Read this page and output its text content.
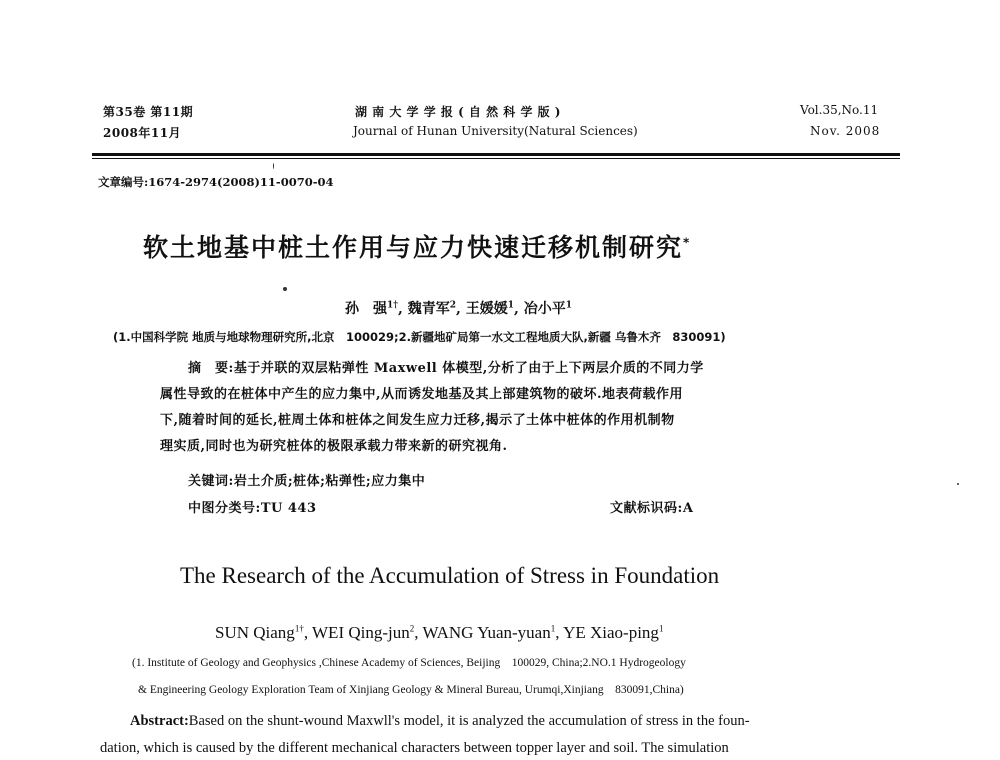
第35卷 第11期
2008年11月
湖 南 大 学 学 报 ( 自 然 科 学 版 )
Journal of Hunan University(Natural Sciences)
Vol.35,No.11
Nov. 2008
文章编号:1674-2974(2008)11-0070-04
软土地基中桩土作用与应力快速迁移机制研究*
孙　强$^{1\dagger}$, 魏青军$^2$, 王媛媛$^1$, 冶小平$^1$
(1.中国科学院 地质与地球物理研究所,北京　100029;2.新疆地矿局第一水文工程地质大队,新疆 乌鲁木齐　830091)
摘　要:基于并联的双层粘弹性 Maxwell 体模型,分析了由于上下两层介质的不同力学
属性导致的在桩体中产生的应力集中,从而诱发地基及其上部建筑物的破坏.地表荷载作用
下,随着时间的延长,桩周土体和桩体之间发生应力迁移,揭示了土体中桩体的作用机制物
理实质,同时也为研究桩体的极限承载力带来新的研究视角.
关键词:岩土介质;桩体;粘弹性;应力集中
中图分类号:TU 443	文献标识码:A
The Research of the Accumulation of Stress in Foundation
SUN Qiang$^{1\dagger}$, WEI Qing-jun$^2$, WANG Yuan-yuan$^1$, YE Xiao-ping$^1$
(1. Institute of Geology and Geophysics ,Chinese Academy of Sciences, Beijing　100029, China;2.NO.1 Hydrogeology
& Engineering Geology Exploration Team of Xinjiang Geology & Mineral Bureau, Urumqi,Xinjiang　830091,China)
Abstract:Based on the shunt-wound Maxwll's model, it is analyzed the accumulation of stress in the foun-
dation, which is caused by the different mechanical characters between topper layer and soil. The simulation
